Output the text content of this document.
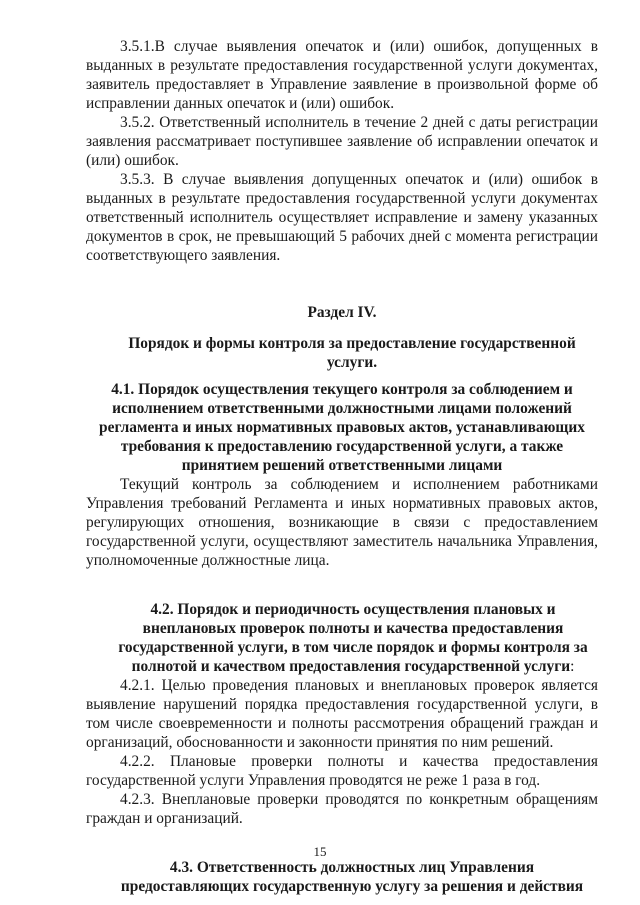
3.5.1.В случае выявления опечаток и (или) ошибок, допущенных в выданных в результате предоставления государственной услуги документах, заявитель предоставляет в Управление заявление в произвольной форме об исправлении данных опечаток и (или) ошибок.

3.5.2. Ответственный исполнитель в течение 2 дней с даты регистрации заявления рассматривает поступившее заявление об исправлении опечаток и (или) ошибок.

3.5.3. В случае выявления допущенных опечаток и (или) ошибок в выданных в результате предоставления государственной услуги документах ответственный исполнитель осуществляет исправление и замену указанных документов в срок, не превышающий 5 рабочих дней с момента регистрации соответствующего заявления.

Раздел IV.

Порядок и формы контроля за предоставление государственной услуги.

4.1. Порядок осуществления текущего контроля за соблюдением и исполнением ответственными должностными лицами положений регламента и иных нормативных правовых актов, устанавливающих требования к предоставлению государственной услуги, а также принятием решений ответственными лицами

Текущий контроль за соблюдением и исполнением работниками Управления требований Регламента и иных нормативных правовых актов, регулирующих отношения, возникающие в связи с предоставлением государственной услуги, осуществляют заместитель начальника Управления, уполномоченные должностные лица.

4.2. Порядок и периодичность осуществления плановых и внеплановых проверок полноты и качества предоставления государственной услуги, в том числе порядок и формы контроля за полнотой и качеством предоставления государственной услуги:

4.2.1. Целью проведения плановых и внеплановых проверок является выявление нарушений порядка предоставления государственной услуги, в том числе своевременности и полноты рассмотрения обращений граждан и организаций, обоснованности и законности принятия по ним решений.

4.2.2. Плановые проверки полноты и качества предоставления государственной услуги Управления проводятся не реже 1 раза в год.

4.2.3. Внеплановые проверки проводятся по конкретным обращениям граждан и организаций.

4.3. Ответственность должностных лиц Управления предоставляющих государственную услугу за решения и действия

15
